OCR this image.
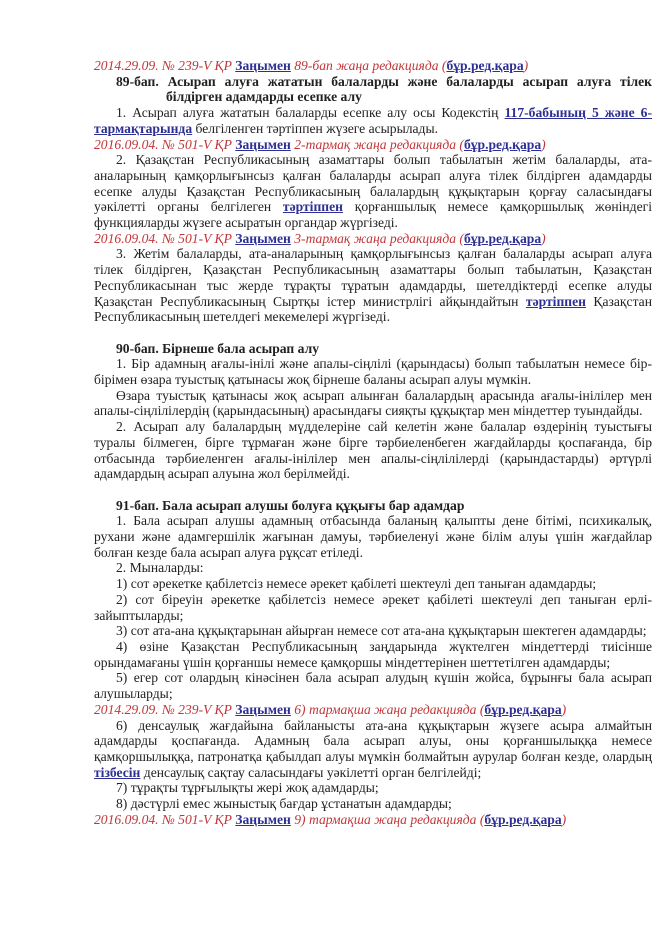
2014.29.09. № 239-V ҚР Заңымен 89-бап жаңа редакцияда (бұр.ред.қара)

89-бап. Асырап алуға жататын балаларды және балаларды асырап алуға тілек
білдірген адамдарды есепке алу

1. Асырап алуға жататын балаларды есепке алу осы Кодекстің 117-бабының 5 және 6-тармақтарында белгіленген тәртіппен жүзеге асырылады.

2016.09.04. № 501-V ҚР Заңымен 2-тармақ жаңа редакцияда (бұр.ред.қара)

2. Қазақстан Республикасының азаматтары болып табылатын жетім балаларды, ата-аналарының қамқорлығынсыз қалған балаларды асырап алуға тілек білдірген адамдарды есепке алуды Қазақстан Республикасының балалардың құқықтарын қорғау саласындағы уәкілетті органы белгілеген тәртіппен қорғаншылық немесе қамқоршылық жөніндегі функцияларды жүзеге асыратын органдар жүргізеді.

2016.09.04. № 501-V ҚР Заңымен 3-тармақ жаңа редакцияда (бұр.ред.қара)

3. Жетім балаларды, ата-аналарының қамқорлығынсыз қалған балаларды асырап алуға тілек білдірген, Қазақстан Республикасының азаматтары болып табылатын, Қазақстан Республикасынан тыс жерде тұрақты тұратын адамдарды, шетелдіктерді есепке алуды Қазақстан Республикасының Сыртқы істер министрлігі айқындайтын тәртіппен Қазақстан Республикасының шетелдегі мекемелері жүргізеді.

90-бап. Бірнеше бала асырап алу

1. Бір адамның ағалы-інілі және апалы-сіңлілі (қарындасы) болып табылатын немесе бір-бірімен өзара туыстық қатынасы жоқ бірнеше баланы асырап алуы мүмкін.

Өзара туыстық қатынасы жоқ асырап алынған балалардың арасында ағалы-інілілер мен апалы-сіңлілілердің (қарындасының) арасындағы сияқты құқықтар мен міндеттер туындайды.

2. Асырап алу балалардың мүдделеріне сай келетін және балалар өздерінің туыстығы туралы білмеген, бірге тұрмаған және бірге тәрбиеленбеген жағдайларды қоспағанда, бір отбасында тәрбиеленген ағалы-інілілер мен апалы-сіңлілілерді (қарындастарды) әртүрлі адамдардың асырап алуына жол берілмейді.

91-бап. Бала асырап алушы болуға құқығы бар адамдар

1. Бала асырап алушы адамның отбасында баланың қалыпты дене бітімі, психикалық, рухани және адамгершілік жағынан дамуы, тәрбиеленуі және білім алуы үшін жағдайлар болған кезде бала асырап алуға рұқсат етіледі.

2. Мыналарды:

1) сот әрекетке қабілетсіз немесе әрекет қабілеті шектеулі деп таныған адамдарды;

2) сот біреуін әрекетке қабілетсіз немесе әрекет қабілеті шектеулі деп таныған ерлі-зайыптыларды;

3) сот ата-ана құқықтарынан айырған немесе сот ата-ана құқықтарын шектеген адамдарды;

4) өзіне Қазақстан Республикасының заңдарында жүктелген міндеттерді тиісінше орындамағаны үшін қорғаншы немесе қамқоршы міндеттерінен шеттетілген адамдарды;

5) егер сот олардың кінәсінен бала асырап алудың күшін жойса, бұрынғы бала асырап алушыларды;

2014.29.09. № 239-V ҚР Заңымен 6) тармақша жаңа редакцияда (бұр.ред.қара)

6) денсаулық жағдайына байланысты ата-ана құқықтарын жүзеге асыра алмайтын адамдарды қоспағанда. Адамның бала асырап алуы, оны қорғаншылыққа немесе қамқоршылыққа, патронатқа қабылдап алуы мүмкін болмайтын аурулар болған кезде, олардың тізбесін денсаулық сақтау саласындағы уәкілетті орган белгілейді;

7) тұрақты тұрғылықты жері жоқ адамдарды;

8) дәстүрлі емес жыныстық бағдар ұстанатын адамдарды;

2016.09.04. № 501-V ҚР Заңымен 9) тармақша жаңа редакцияда (бұр.ред.қара)
